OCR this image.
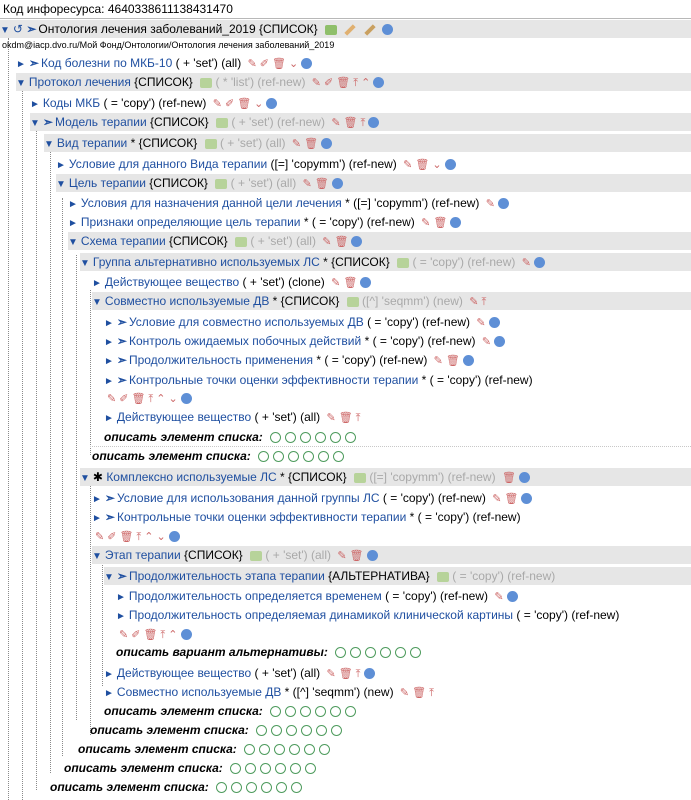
Код инфоресурса: 4640338611138431470
▼ ↺ ➣ Онтология лечения заболеваний_2019 {СПИСОК}
okdm@iacp.dvo.ru/Мой Фонд/Онтологии/Онтология лечения заболеваний_2019
► ➣ Код болезни по МКБ-10 ( + 'set') (all) ✎ ✐ 🗑 ⌄
▼ Протокол лечения {СПИСОК} ( * 'list') (ref-new) ✎ ✐ 🗑 ⤒ ⌃
► Коды МКБ ( = 'copy') (ref-new) ✎ ✐ 🗑 ⌄
▼ ➣ Модель терапии {СПИСОК} ( + 'set') (ref-new) ✎ 🗑 ⤒
▼ Вид терапии * {СПИСОК} ( + 'set') (all) ✎ 🗑
► Условие для данного Вида терапии ([=] 'copymm') (ref-new) ✎ 🗑 ⌄
▼ Цель терапии {СПИСОК} ( + 'set') (all) ✎ 🗑
► Условия для назначения данной цели лечения * ([=] 'copymm') (ref-new) ✎
► Признаки определяющие цель терапии * ( = 'copy') (ref-new) ✎ 🗑
▼ Схема терапии {СПИСОК} ( + 'set') (all) ✎ 🗑
▼ Группа альтернативно используемых ЛС * {СПИСОК} ( = 'copy') (ref-new) ✎
► Действующее вещество ( + 'set') (clone) ✎ 🗑
▼ Совместно используемые ДВ * {СПИСОК} ([^] 'seqmm') (new) ✎ ⤒
► ➣ Условие для совместно используемых ДВ ( = 'copy') (ref-new) ✎
► ➣ Контроль ожидаемых побочных действий * ( = 'copy') (ref-new) ✎
► ➣ Продолжительность применения * ( = 'copy') (ref-new) ✎ 🗑
► ➣ Контрольные точки оценки эффективности терапии * ( = 'copy') (ref-new)
✎ ✐ 🗑 ⤒ ⌃ ⌄
► Действующее вещество ( + 'set') (all) ✎ 🗑 ⤒
описать элемент списка:
описать элемент списка:
▼ ✱ Комплексно используемые ЛС * {СПИСОК} ([=] 'copymm') (ref-new) 🗑
► ➣ Условие для использования данной группы ЛС ( = 'copy') (ref-new) ✎ 🗑
► ➣ Контрольные точки оценки эффективности терапии * ( = 'copy') (ref-new)
✎ ✐ 🗑 ⤒ ⌃ ⌄
▼ Этап терапии {СПИСОК} ( + 'set') (all) ✎ 🗑
▼ ➣ Продолжительность этапа терапии {АЛЬТЕРНАТИВА} ( = 'copy') (ref-new)
► Продолжительность определяется временем ( = 'copy') (ref-new) ✎
► Продолжительность определяемая динамикой клинической картины ( = 'copy') (ref-new)
✎ ✐ 🗑 ⤒ ⌃
описать вариант альтернативы:
► Действующее вещество ( + 'set') (all) ✎ 🗑 ⤒
► Совместно используемые ДВ * ([^] 'seqmm') (new) ✎ 🗑 ⤒
описать элемент списка:
описать элемент списка:
описать элемент списка:
описать элемент списка:
описать элемент списка:
